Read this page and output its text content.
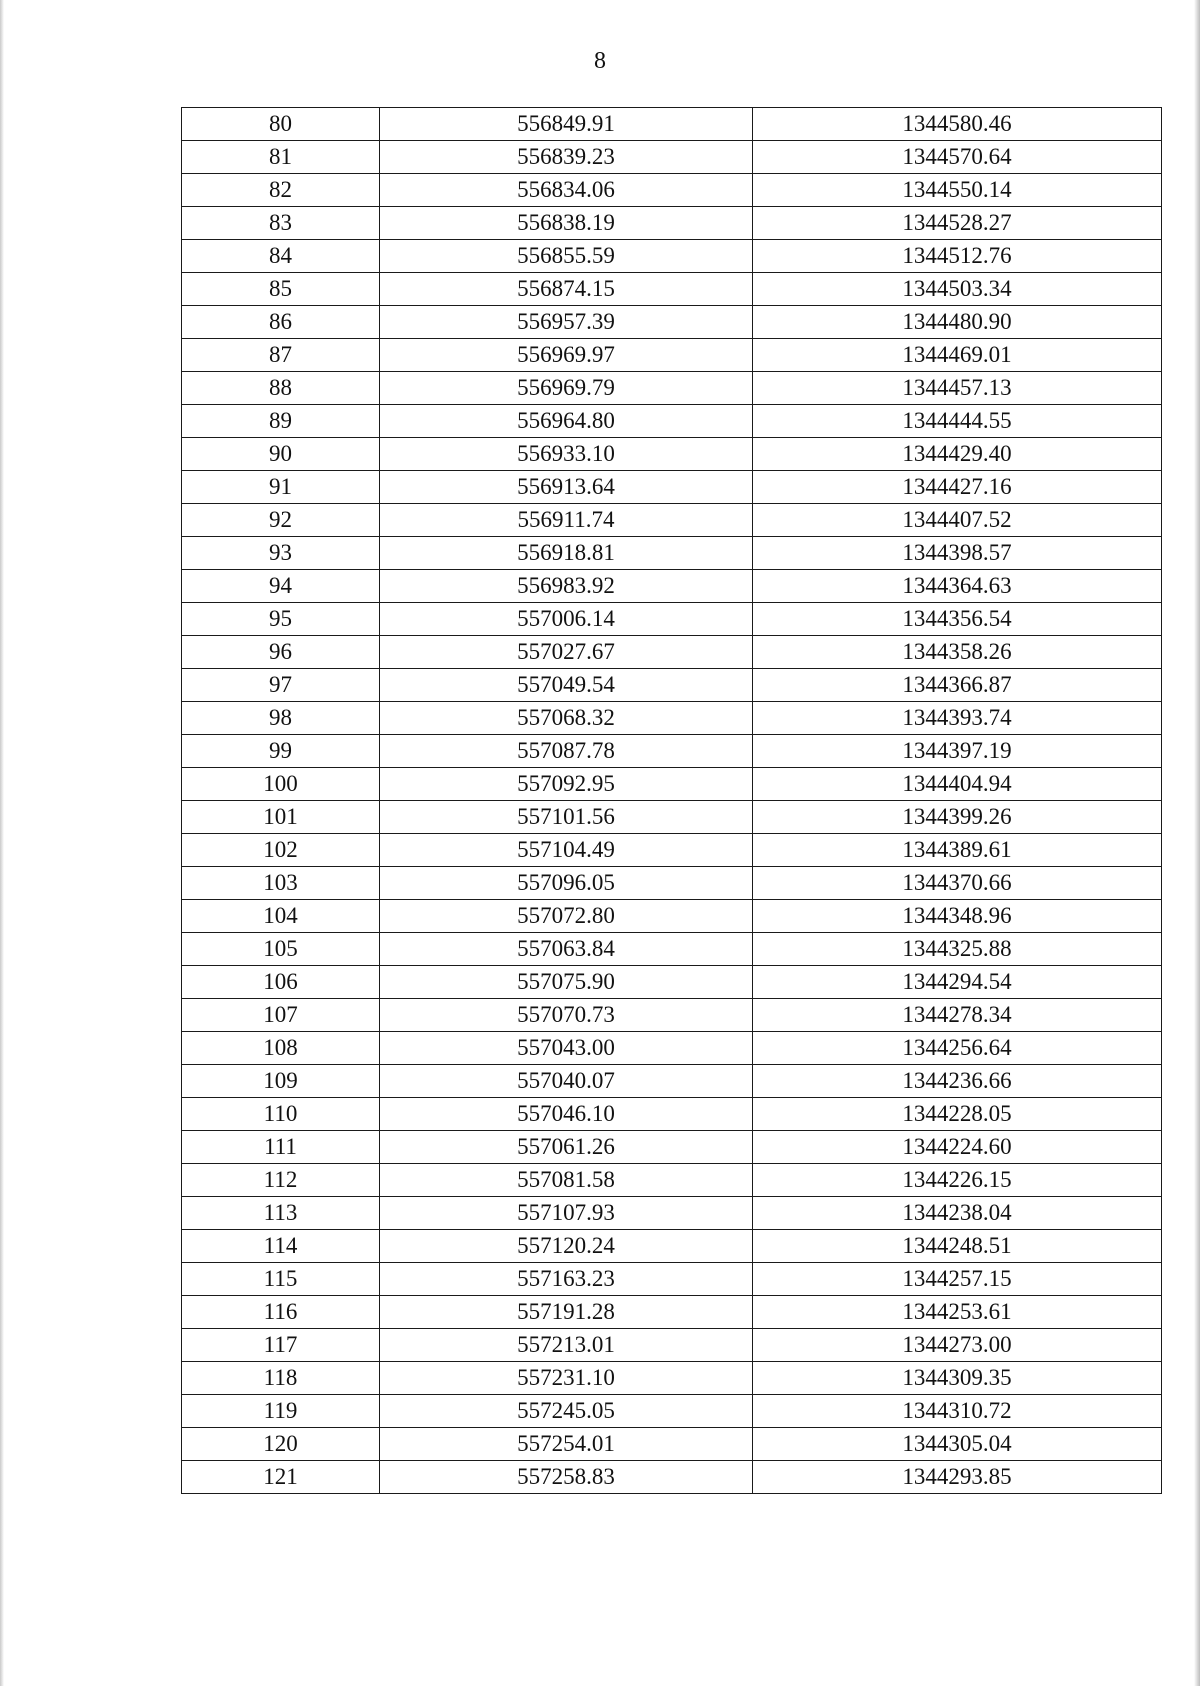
8
80	556849.91	1344580.46
81	556839.23	1344570.64
82	556834.06	1344550.14
83	556838.19	1344528.27
84	556855.59	1344512.76
85	556874.15	1344503.34
86	556957.39	1344480.90
87	556969.97	1344469.01
88	556969.79	1344457.13
89	556964.80	1344444.55
90	556933.10	1344429.40
91	556913.64	1344427.16
92	556911.74	1344407.52
93	556918.81	1344398.57
94	556983.92	1344364.63
95	557006.14	1344356.54
96	557027.67	1344358.26
97	557049.54	1344366.87
98	557068.32	1344393.74
99	557087.78	1344397.19
100	557092.95	1344404.94
101	557101.56	1344399.26
102	557104.49	1344389.61
103	557096.05	1344370.66
104	557072.80	1344348.96
105	557063.84	1344325.88
106	557075.90	1344294.54
107	557070.73	1344278.34
108	557043.00	1344256.64
109	557040.07	1344236.66
110	557046.10	1344228.05
111	557061.26	1344224.60
112	557081.58	1344226.15
113	557107.93	1344238.04
114	557120.24	1344248.51
115	557163.23	1344257.15
116	557191.28	1344253.61
117	557213.01	1344273.00
118	557231.10	1344309.35
119	557245.05	1344310.72
120	557254.01	1344305.04
121	557258.83	1344293.85
